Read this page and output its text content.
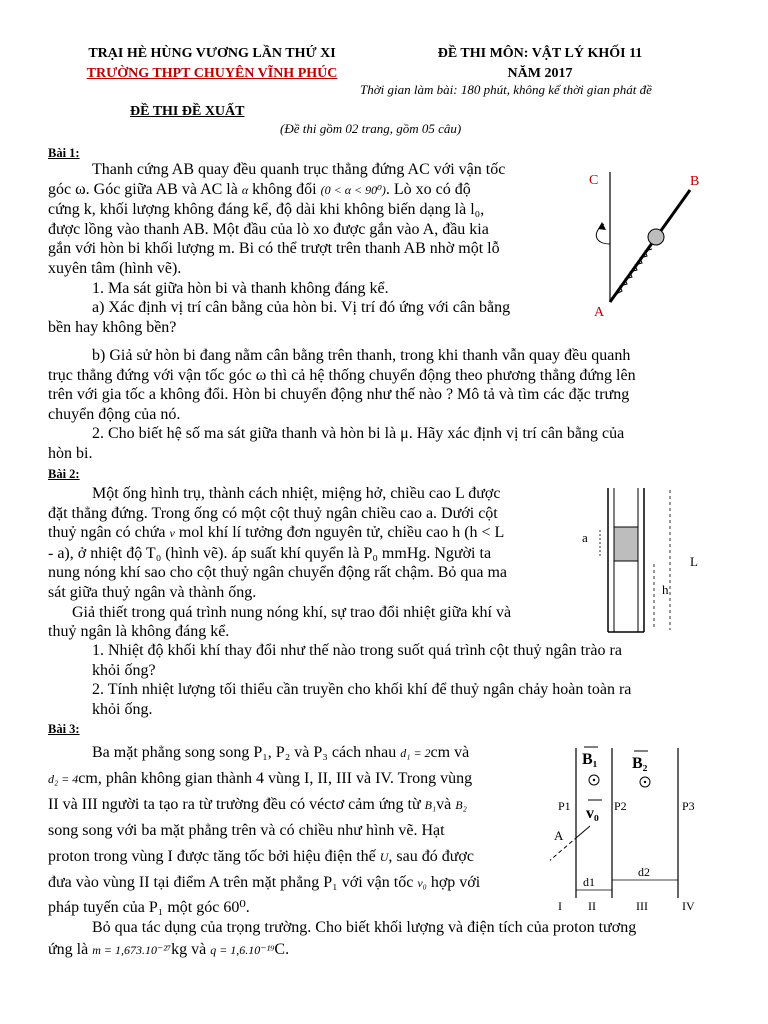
TRẠI HÈ HÙNG VƯƠNG LẦN THỨ XI
TRƯỜNG THPT CHUYÊN VĨNH PHÚC
ĐỀ THI MÔN: VẬT LÝ KHỐI 11
NĂM 2017
Thời gian làm bài: 180 phút, không kể thời gian phát đề
ĐỀ THI ĐỀ XUẤT
(Đề thi gồm 02 trang, gồm 05 câu)
Bài 1:

Thanh cứng AB quay đều quanh trục thẳng đứng AC với vận tốc

góc ω. Góc giữa AB và AC là α không đổi (0 < α < 90⁰). Lò xo có độ

cứng k, khối lượng không đáng kể, độ dài khi không biến dạng là l₀,

được lồng vào thanh AB. Một đầu của lò xo được gắn vào A, đầu kia

gắn với hòn bi khối lượng m. Bi có thể trượt trên thanh AB nhờ một lỗ

xuyên tâm (hình vẽ).

1. Ma sát giữa hòn bi và thanh không đáng kể.

a) Xác định vị trí cân bằng của hòn bi. Vị trí đó ứng với cân bằng

bền hay không bền?

b) Giả sử hòn bi đang nằm cân bằng trên thanh, trong khi thanh vẫn quay đều quanh

trục thẳng đứng với vận tốc góc ω thì cả hệ thống chuyển động theo phương thẳng đứng lên

trên với gia tốc a không đổi. Hòn bi chuyển động như thế nào ? Mô tả và tìm các đặc trưng

chuyển động của nó.

2. Cho biết hệ số ma sát giữa thanh và hòn bi là μ. Hãy xác định vị trí cân bằng của

hòn bi.

C	B
A
Bài 2:

Một ống hình trụ, thành cách nhiệt, miệng hở, chiều cao L được

đặt thẳng đứng. Trong ống có một cột thuỷ ngân chiều cao a. Dưới cột

thuỷ ngân có chứa ν mol khí lí tưởng đơn nguyên tử, chiều cao h (h < L

- a), ở nhiệt độ T₀ (hình vẽ). áp suất khí quyển là P₀ mmHg. Người ta

nung nóng khí sao cho cột thuỷ ngân chuyển động rất chậm. Bỏ qua ma

sát giữa thuỷ ngân và thành ống.

Giả thiết trong quá trình nung nóng khí, sự trao đổi nhiệt giữa khí và

thuỷ ngân là không đáng kể.

1. Nhiệt độ khối khí thay đổi như thế nào trong suốt quá trình cột thuỷ ngân trào ra

khỏi ống?

2. Tính nhiệt lượng tối thiểu cần truyền cho khối khí để thuỷ ngân chảy hoàn toàn ra

khỏi ống.

a
L
h
Bài 3:

Ba mặt phẳng song song P₁, P₂ và P₃ cách nhau d₁ = 2cm và

d₂ = 4cm, phân không gian thành 4 vùng I, II, III và IV. Trong vùng

II và III người ta tạo ra từ trường đều có véctơ cảm ứng từ B₁và B₂

song song với ba mặt phẳng trên và có chiều như hình vẽ. Hạt

proton trong vùng I được tăng tốc bởi hiệu điện thế U, sau đó được

đưa vào vùng II tại điểm A trên mặt phẳng P₁ với vận tốc v₀ hợp với

pháp tuyến của P₁ một góc 60⁰.

Bỏ qua tác dụng của trọng trường. Cho biết khối lượng và điện tích của proton tương

ứng là m = 1,673.10⁻²⁷kg và q = 1,6.10⁻¹⁹C.

B₁ B₂
P1	P2	P3
v₀
A
d1
d2
I II	III	IV
